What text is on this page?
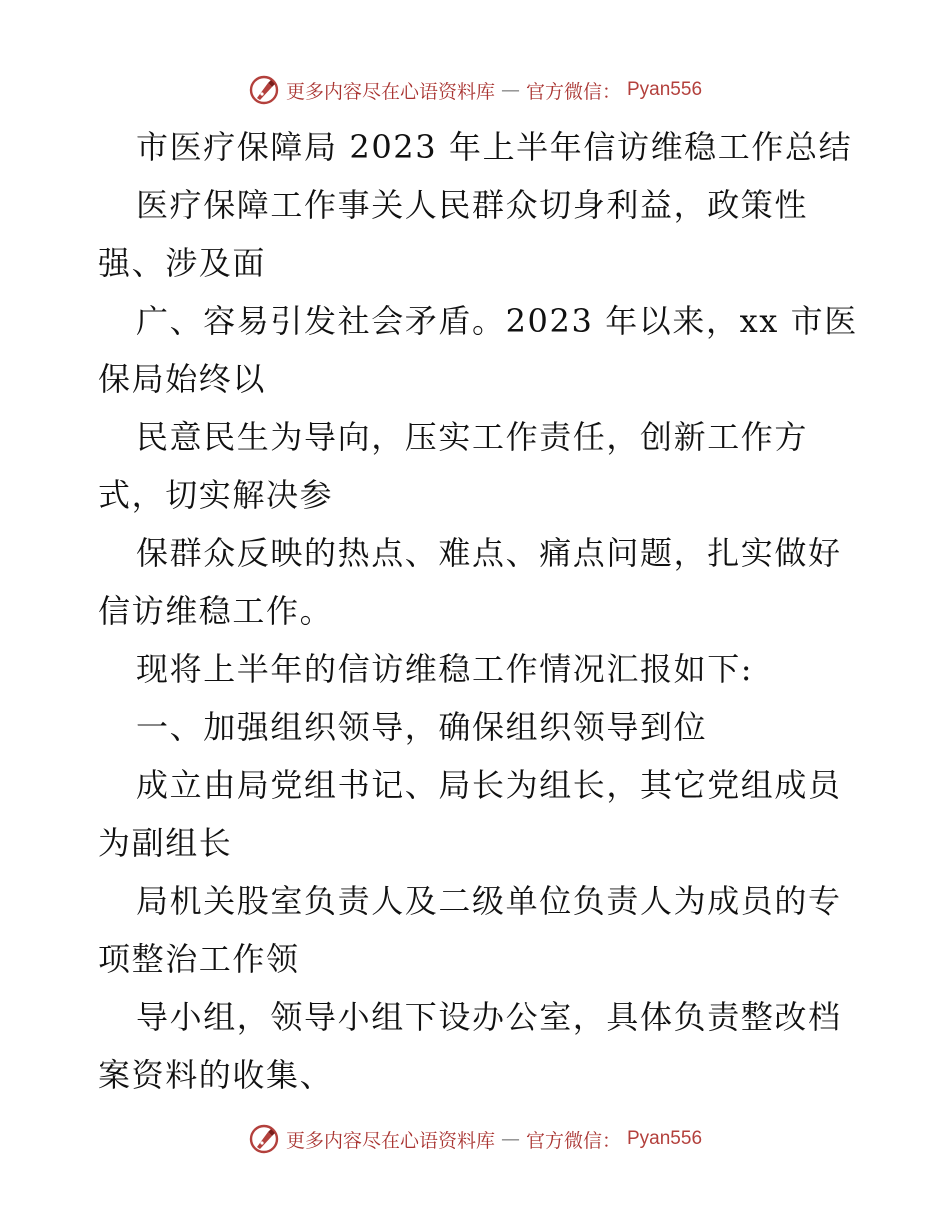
更多内容尽在心语资料库 — 官方微信： Pyan556

市医疗保障局 2023 年上半年信访维稳工作总结

医疗保障工作事关人民群众切身利益，政策性

强、涉及面

广、容易引发社会矛盾。2023 年以来，xx 市医

保局始终以

民意民生为导向，压实工作责任，创新工作方

式，切实解决参

保群众反映的热点、难点、痛点问题，扎实做好

信访维稳工作。

现将上半年的信访维稳工作情况汇报如下:

一、加强组织领导，确保组织领导到位

成立由局党组书记、局长为组长，其它党组成员

为副组长

局机关股室负责人及二级单位负责人为成员的专

项整治工作领

导小组，领导小组下设办公室，具体负责整改档

案资料的收集、

更多内容尽在心语资料库 — 官方微信： Pyan556
